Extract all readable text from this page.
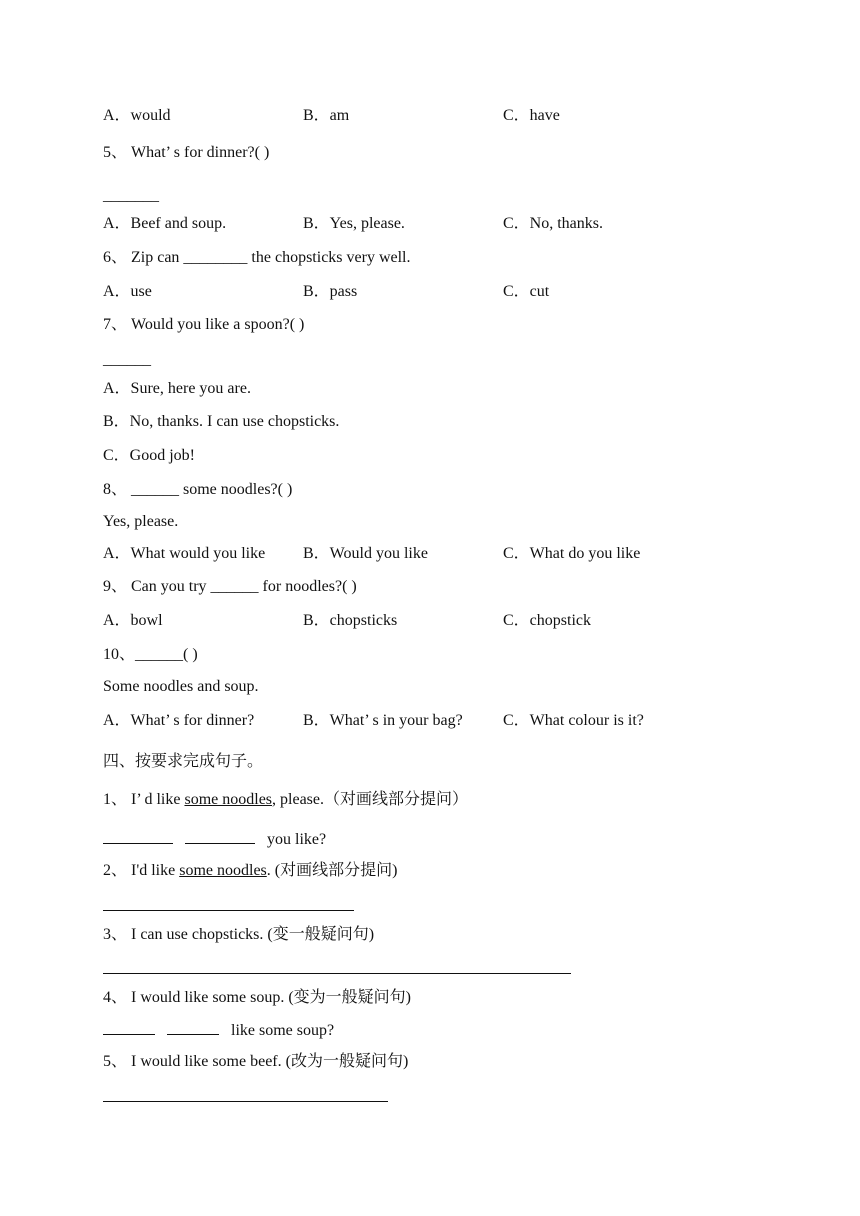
A．would	B．am	C．have
5、 What’ s for dinner?( )
_______
A．Beef and soup.	B．Yes, please.	C．No, thanks.
6、 Zip can ________ the chopsticks very well.
A．use	B．pass	C．cut
7、 Would you like a spoon?( )
______
A．Sure, here you are.
B．No, thanks. I can use chopsticks.
C．Good job!
8、 ______ some noodles?( )
Yes, please.
A．What would you like B．Would you like	C．What do you like
9、 Can you try ______ for noodles?( )
A．bowl	B．chopsticks	C．chopstick
10、______( )
Some noodles and soup.
A．What’ s for dinner?	B．What’ s in your bag?	C．What colour is it?
四、按要求完成句子。
1、 I’ d like some noodles, please.（对画线部分提问）
you like?
2、 I'd like some noodles. (对画线部分提问)
3、 I can use chopsticks. (变一般疑问句)
4、 I would like some soup. (变为一般疑问句)
like some soup?
5、 I would like some beef. (改为一般疑问句)
